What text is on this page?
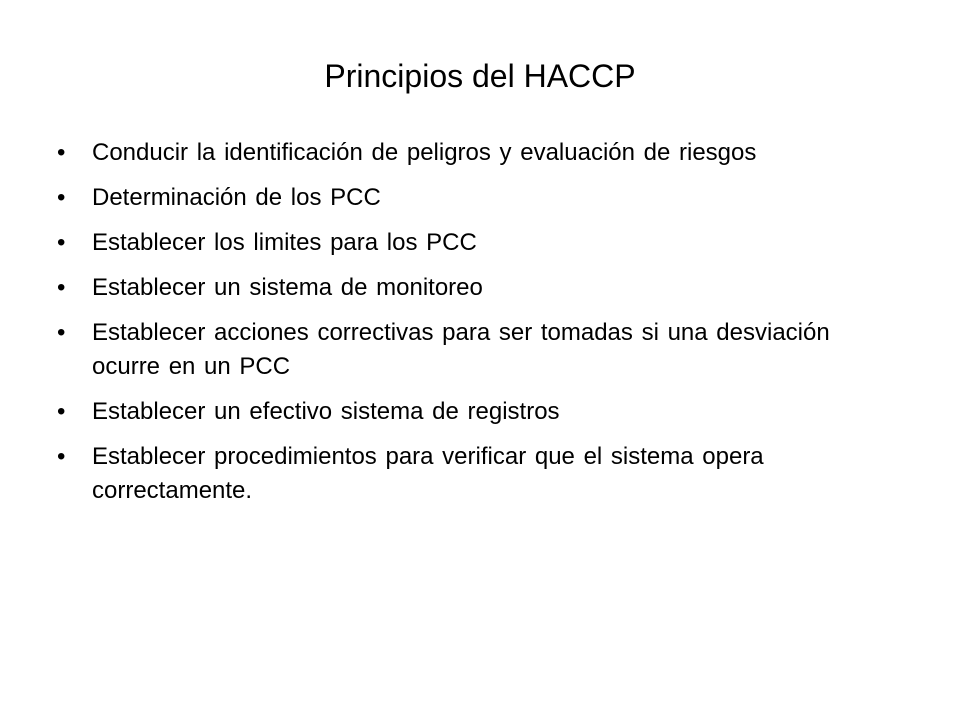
Principios del HACCP
•	Conducir la identificación de peligros y evaluación de riesgos
•	Determinación de los PCC
•	Establecer los limites para los PCC
•	Establecer un sistema de monitoreo
•	Establecer acciones correctivas para ser tomadas si una desviación ocurre en un PCC
•	Establecer un efectivo sistema de registros
•	Establecer procedimientos para verificar que el sistema opera correctamente.
